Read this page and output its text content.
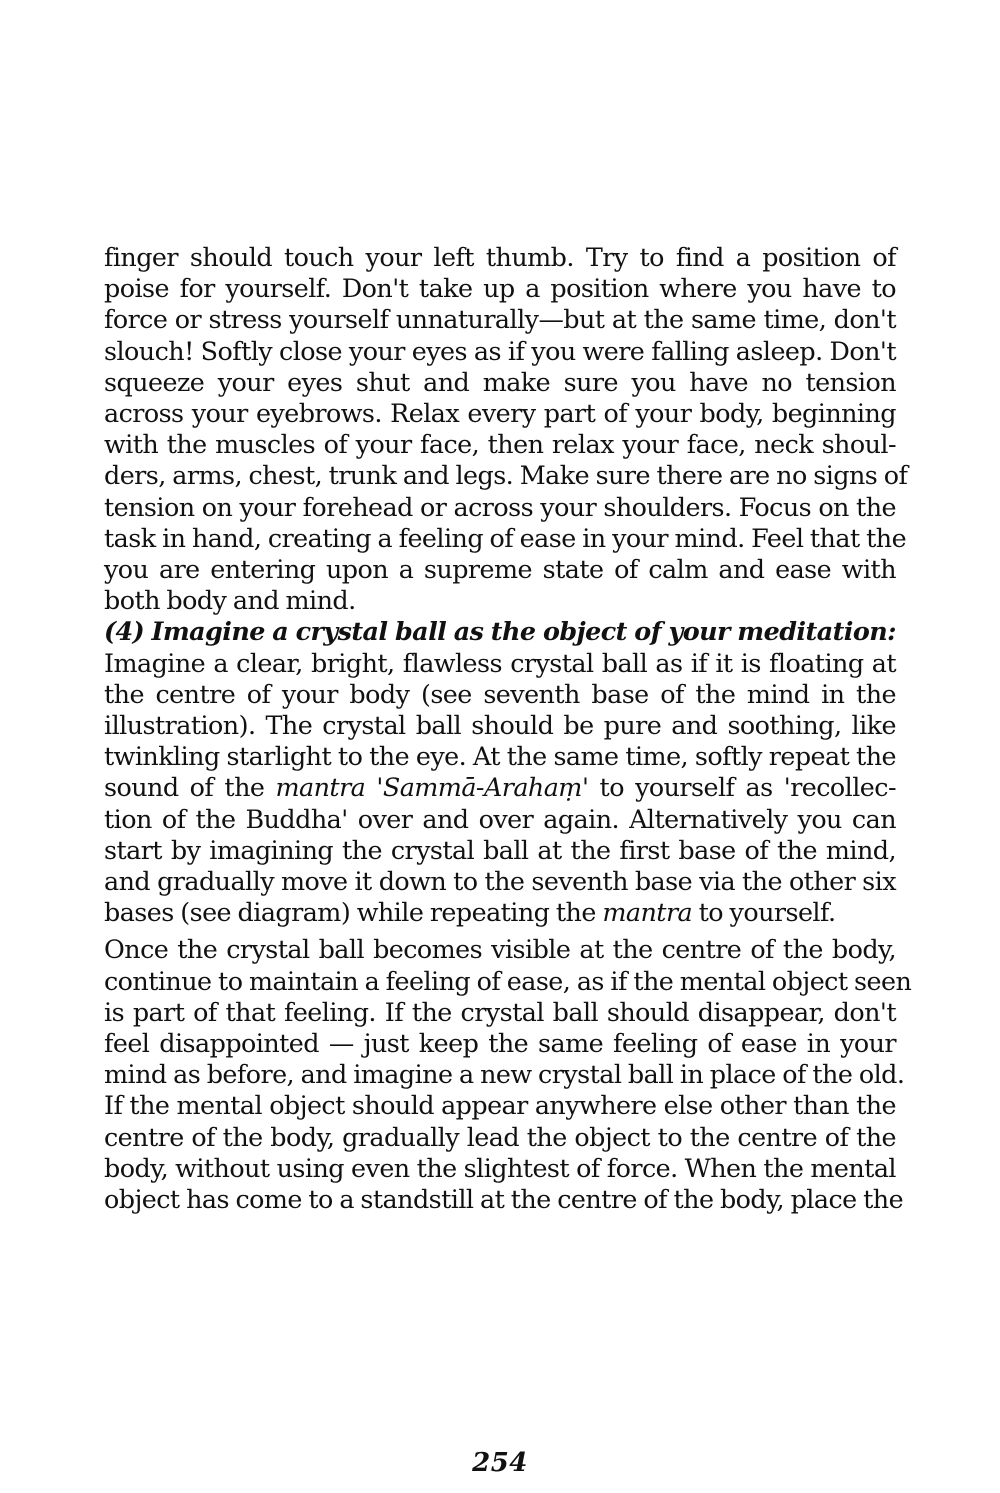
finger should touch your left thumb. Try to find a position of
poise for yourself. Don't take up a position where you have to
force or stress yourself unnaturally—but at the same time, don't
slouch! Softly close your eyes as if you were falling asleep. Don't
squeeze your eyes shut and make sure you have no tension
across your eyebrows. Relax every part of your body, beginning
with the muscles of your face, then relax your face, neck shoul-
ders, arms, chest, trunk and legs. Make sure there are no signs of
tension on your forehead or across your shoulders. Focus on the
task in hand, creating a feeling of ease in your mind. Feel that the
you are entering upon a supreme state of calm and ease with
both body and mind.
(4) Imagine a crystal ball as the object of your meditation:
Imagine a clear, bright, flawless crystal ball as if it is floating at
the centre of your body (see seventh base of the mind in the
illustration). The crystal ball should be pure and soothing, like
twinkling starlight to the eye. At the same time, softly repeat the
sound of the mantra 'Sammā-Arahaṃ' to yourself as 'recollec-
tion of the Buddha' over and over again. Alternatively you can
start by imagining the crystal ball at the first base of the mind,
and gradually move it down to the seventh base via the other six
bases (see diagram) while repeating the mantra to yourself.
Once the crystal ball becomes visible at the centre of the body,
continue to maintain a feeling of ease, as if the mental object seen
is part of that feeling. If the crystal ball should disappear, don't
feel disappointed — just keep the same feeling of ease in your
mind as before, and imagine a new crystal ball in place of the old.
If the mental object should appear anywhere else other than the
centre of the body, gradually lead the object to the centre of the
body, without using even the slightest of force. When the mental
object has come to a standstill at the centre of the body, place the
254
